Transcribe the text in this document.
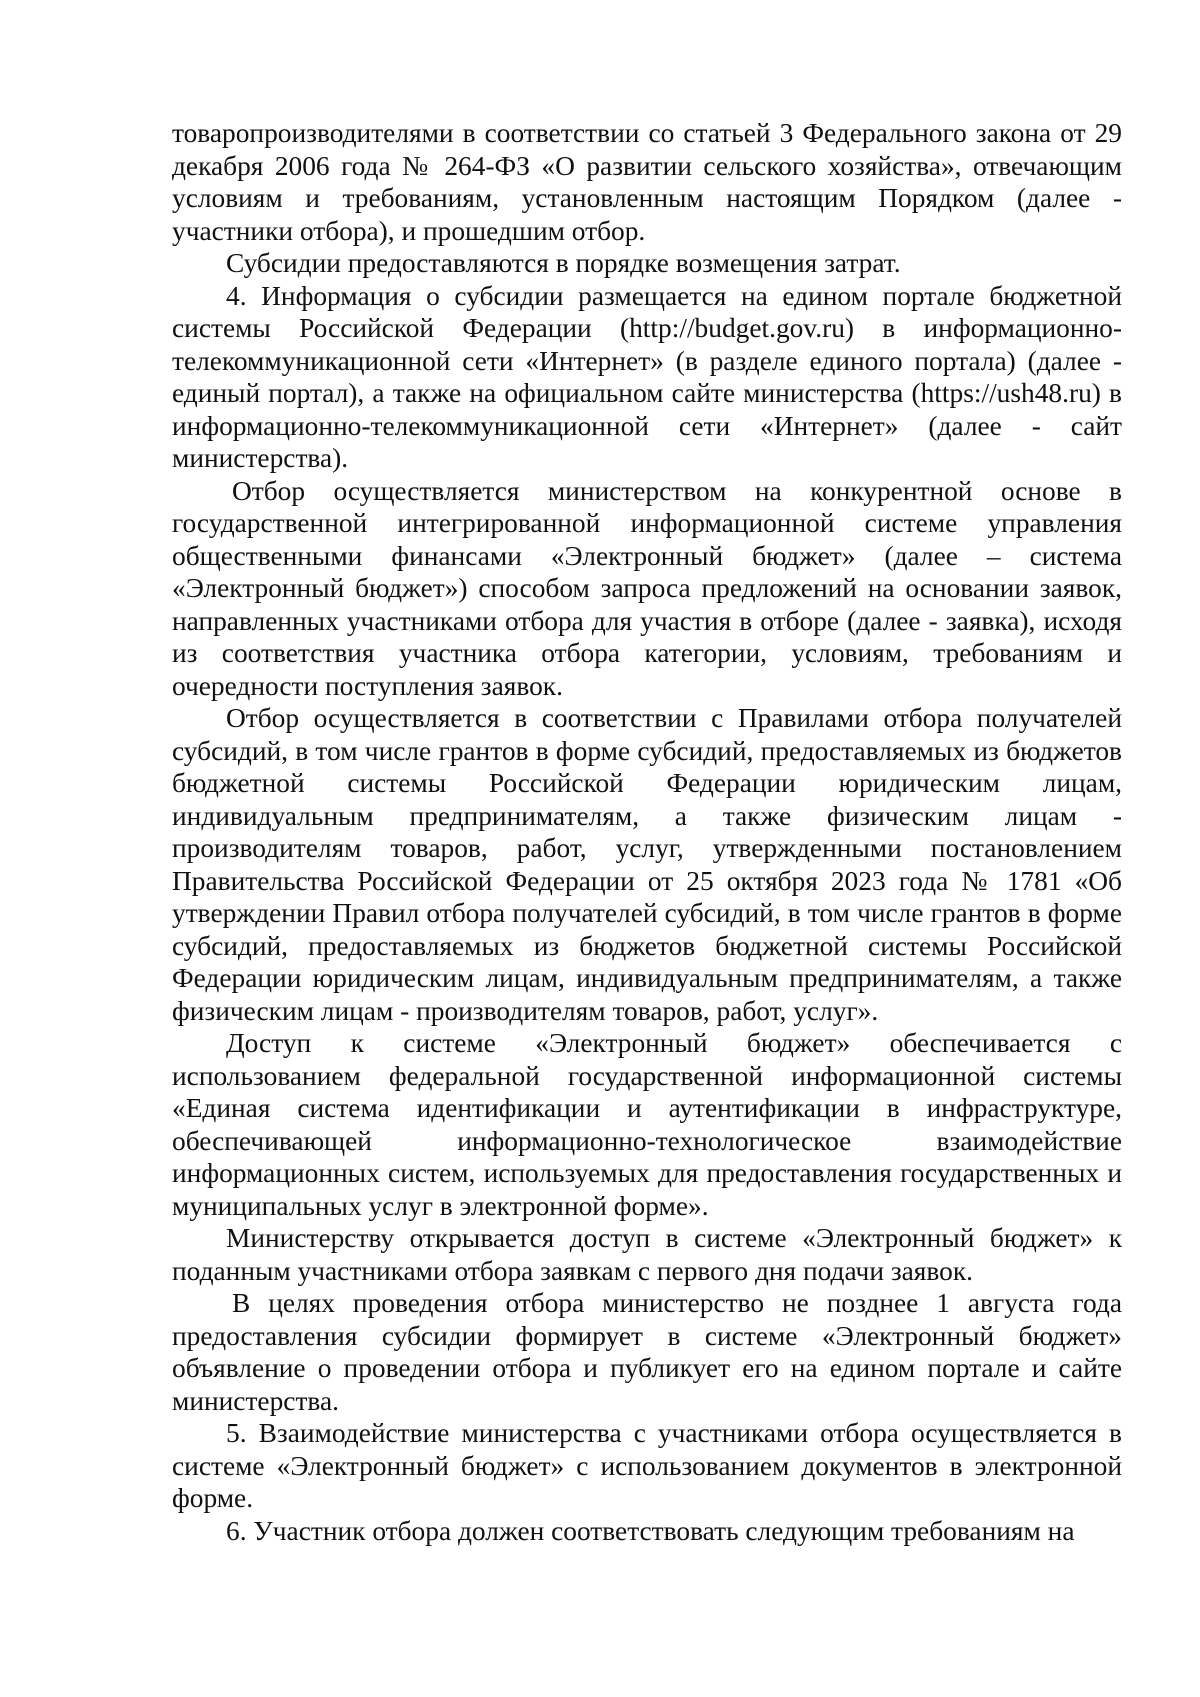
товаропроизводителями в соответствии со статьей 3 Федерального закона от 29 декабря 2006 года № 264-ФЗ «О развитии сельского хозяйства», отвечающим условиям и требованиям, установленным настоящим Порядком (далее - участники отбора), и прошедшим отбор.

Субсидии предоставляются в порядке возмещения затрат.

4. Информация о субсидии размещается на едином портале бюджетной системы Российской Федерации (http://budget.gov.ru) в информационно-телекоммуникационной сети «Интернет» (в разделе единого портала) (далее - единый портал), а также на официальном сайте министерства (https://ush48.ru) в информационно-телекоммуникационной сети «Интернет» (далее - сайт министерства).

Отбор осуществляется министерством на конкурентной основе в государственной интегрированной информационной системе управления общественными финансами «Электронный бюджет» (далее – система «Электронный бюджет») способом запроса предложений на основании заявок, направленных участниками отбора для участия в отборе (далее - заявка), исходя из соответствия участника отбора категории, условиям, требованиям и очередности поступления заявок.

Отбор осуществляется в соответствии с Правилами отбора получателей субсидий, в том числе грантов в форме субсидий, предоставляемых из бюджетов бюджетной системы Российской Федерации юридическим лицам, индивидуальным предпринимателям, а также физическим лицам - производителям товаров, работ, услуг, утвержденными постановлением Правительства Российской Федерации от 25 октября 2023 года № 1781 «Об утверждении Правил отбора получателей субсидий, в том числе грантов в форме субсидий, предоставляемых из бюджетов бюджетной системы Российской Федерации юридическим лицам, индивидуальным предпринимателям, а также физическим лицам - производителям товаров, работ, услуг».

Доступ к системе «Электронный бюджет» обеспечивается с использованием федеральной государственной информационной системы «Единая система идентификации и аутентификации в инфраструктуре, обеспечивающей информационно-технологическое взаимодействие информационных систем, используемых для предоставления государственных и муниципальных услуг в электронной форме».

Министерству открывается доступ в системе «Электронный бюджет» к поданным участниками отбора заявкам с первого дня подачи заявок.

В целях проведения отбора министерство не позднее 1 августа года предоставления субсидии формирует в системе «Электронный бюджет» объявление о проведении отбора и публикует его на едином портале и сайте министерства.

5. Взаимодействие министерства с участниками отбора осуществляется в системе «Электронный бюджет» с использованием документов в электронной форме.

6. Участник отбора должен соответствовать следующим требованиям на
